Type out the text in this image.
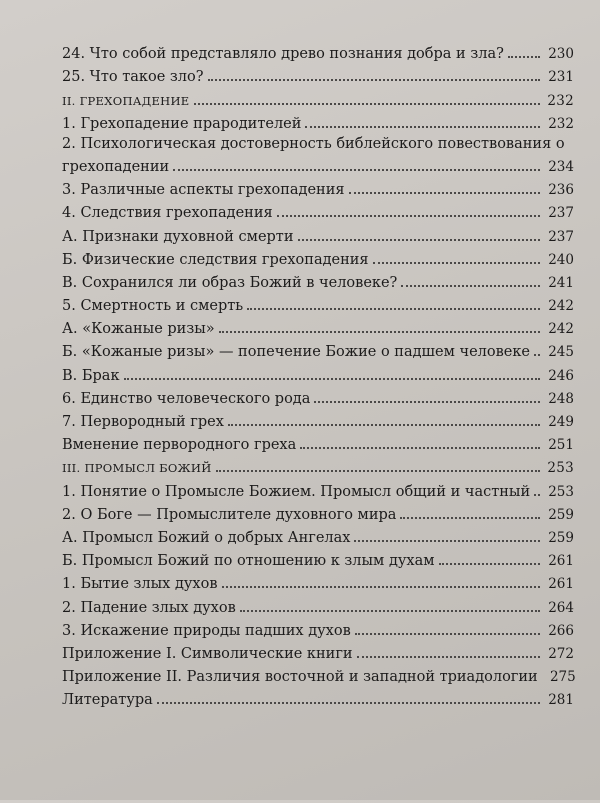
24. Что собой представляло древо познания добра и зла?	230
25. Что такое зло?	231
II. ГРЕХОПАДЕНИЕ	232
1. Грехопадение прародителей	232
2. Психологическая достоверность библейского повествования о
грехопадении	234
3. Различные аспекты грехопадения	236
4. Следствия грехопадения	237
А. Признаки духовной смерти	237
Б. Физические следствия грехопадения	240
В. Сохранился ли образ Божий в человеке?	241
5. Смертность и смерть	242
А. «Кожаные ризы»	242
Б. «Кожаные ризы» — попечение Божие о падшем человеке	245
В. Брак	246
6. Единство человеческого рода	248
7. Первородный грех	249
Вменение первородного греха	251
III. ПРОМЫСЛ БОЖИЙ	253
1. Понятие о Промысле Божием. Промысл общий и частный	253
2. О Боге — Промыслителе духовного мира	259
А. Промысл Божий о добрых Ангелах	259
Б. Промысл Божий по отношению к злым духам	261
1. Бытие злых духов	261
2. Падение злых духов	264
3. Искажение природы падших духов	266
Приложение I. Символические книги	272
Приложение II. Различия восточной и западной триадологии 275
Литература	281
